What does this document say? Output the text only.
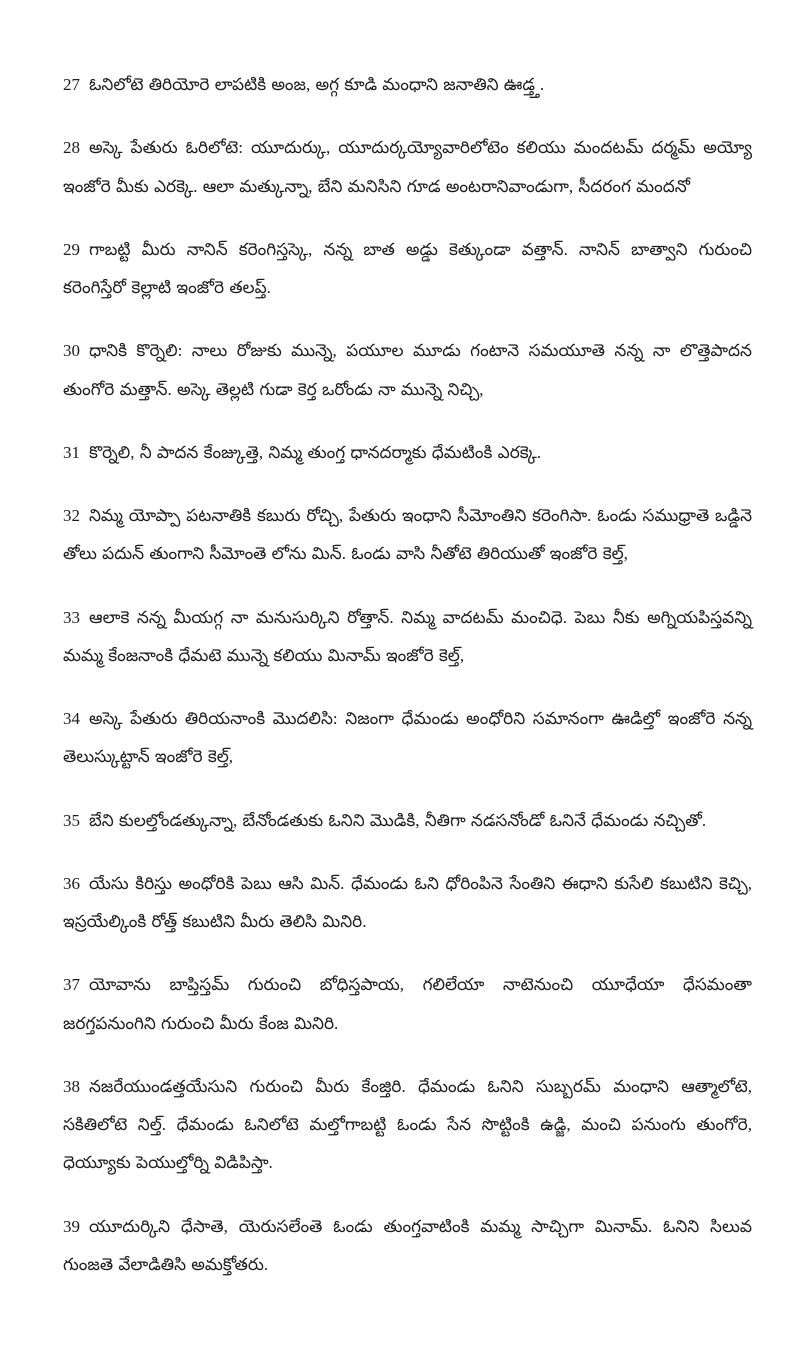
27 ఓనిలోటె తిరియోరె లాపటికి అంజ, అగ్గ కూడి మంధాని జనాతిని ఊడ్త్త.

28 అస్కె పేతురు ఓరిలోటె: యూదుర్కు, యూదుర్కయ్యోవారిలోటెం కలియు మందటమ్ దర్మమ్ అయ్యో ఇంజోరె మీకు ఎరక్కె. ఆలా మత్కున్నా, బేని మనిసిని గూడ అంటరానివాండుగా, సీదరంగ మందనో

29 గాబట్టి మీరు నానిన్ కరెంగిస్తస్కె, నన్న బాత అడ్డు కెత్కుండా వత్తాన్. నానిన్ బాత్వాని గురుంచి కరెంగిస్తేరో కెల్లాటి ఇంజోరె తలప్త్.

30 ధానికి కొర్నెలి: నాలు రోజుకు మున్నె, పయూల మూడు గంటానె సమయూతె నన్న నా లొత్తెపాదన తుంగోరె మత్తాన్. అస్కె తెల్లటి గుడా కెర్త ఒరోండు నా మున్నె నిచ్చి,

31 కొర్నెలి, నీ పాదన కేంజ్కుత్తె, నిమ్మ తుంగ్త ధానదర్మాకు ధేమటింకి ఎరక్కె.

32 నిమ్మ యోప్పా పటనాతికి కబురు రోచ్చి, పేతురు ఇంధాని సీమోంతిని కరెంగిసా. ఓండు సముధ్రాతె ఒడ్డినె తోలు పదున్ తుంగాని సీమోంతె లోను మిన్. ఓండు వాసి నీతోటె తిరియుతో ఇంజోరె కెల్త్,

33 ఆలాకె నన్న మీయగ్గ నా మనుసుర్కిని రోత్తాన్. నిమ్మ వాదటమ్ మంచిధె. పెబు నీకు అగ్నియపిస్తవన్ని మమ్మ కేంజనాంకి ధేమటె మున్నె కలియు మినామ్ ఇంజోరె కెల్త్,

34 అస్కె పేతురు తిరియనాంకి మొదలిసి: నిజంగా ధేమండు అంధోరిని సమానంగా ఊడిల్తో ఇంజోరె నన్న తెలుస్కుట్టాన్ ఇంజోరె కెల్త్,

35 బేని కులల్తోండత్కున్నా, బేనోండతుకు ఓనిని మొడికి, నీతిగా నడసనోండో ఓనినే ధేమండు నచ్చితో.

36 యేసు కిరిస్తు అంధోరికి పెబు ఆసి మిన్. ధేమండు ఓని ధోరింపినె సేంతిని ఈధాని కుసేలి కబుటిని కెచ్చి, ఇస్రయేల్కింకి రోత్త్ కబుటిని మీరు తెలిసి మినిరి.

37 యోవాను బాప్తిస్తమ్ గురుంచి బోధిస్తపాయ, గలిలేయా నాటెనుంచి యూధేయా ధేసమంతా జరగ్తపనుంగిని గురుంచి మీరు కేంజ మినిరి.

38 నజరేయుండత్తయేసుని గురుంచి మీరు కేంజ్తిరి. ధేమండు ఓనిని సుబ్బరమ్ మంధాని ఆత్మాలోటె, సకితిలోటె నిల్త్. ధేమండు ఓనిలోటె మల్తోగాబట్టి ఓండు సేన సొట్టింకి ఉడ్జి, మంచి పనుంగు తుంగోరె, ధెయ్యూకు పెయుల్తోర్ని విడిపిస్తా.

39 యూదుర్కిని ధేసాతె, యెరుసలేంతె ఓండు తుంగ్తవాటింకి మమ్మ సాచ్చిగా మినామ్. ఓనిని సిలువ గుంజతె వేలాడితిసి అమక్తోతరు.
